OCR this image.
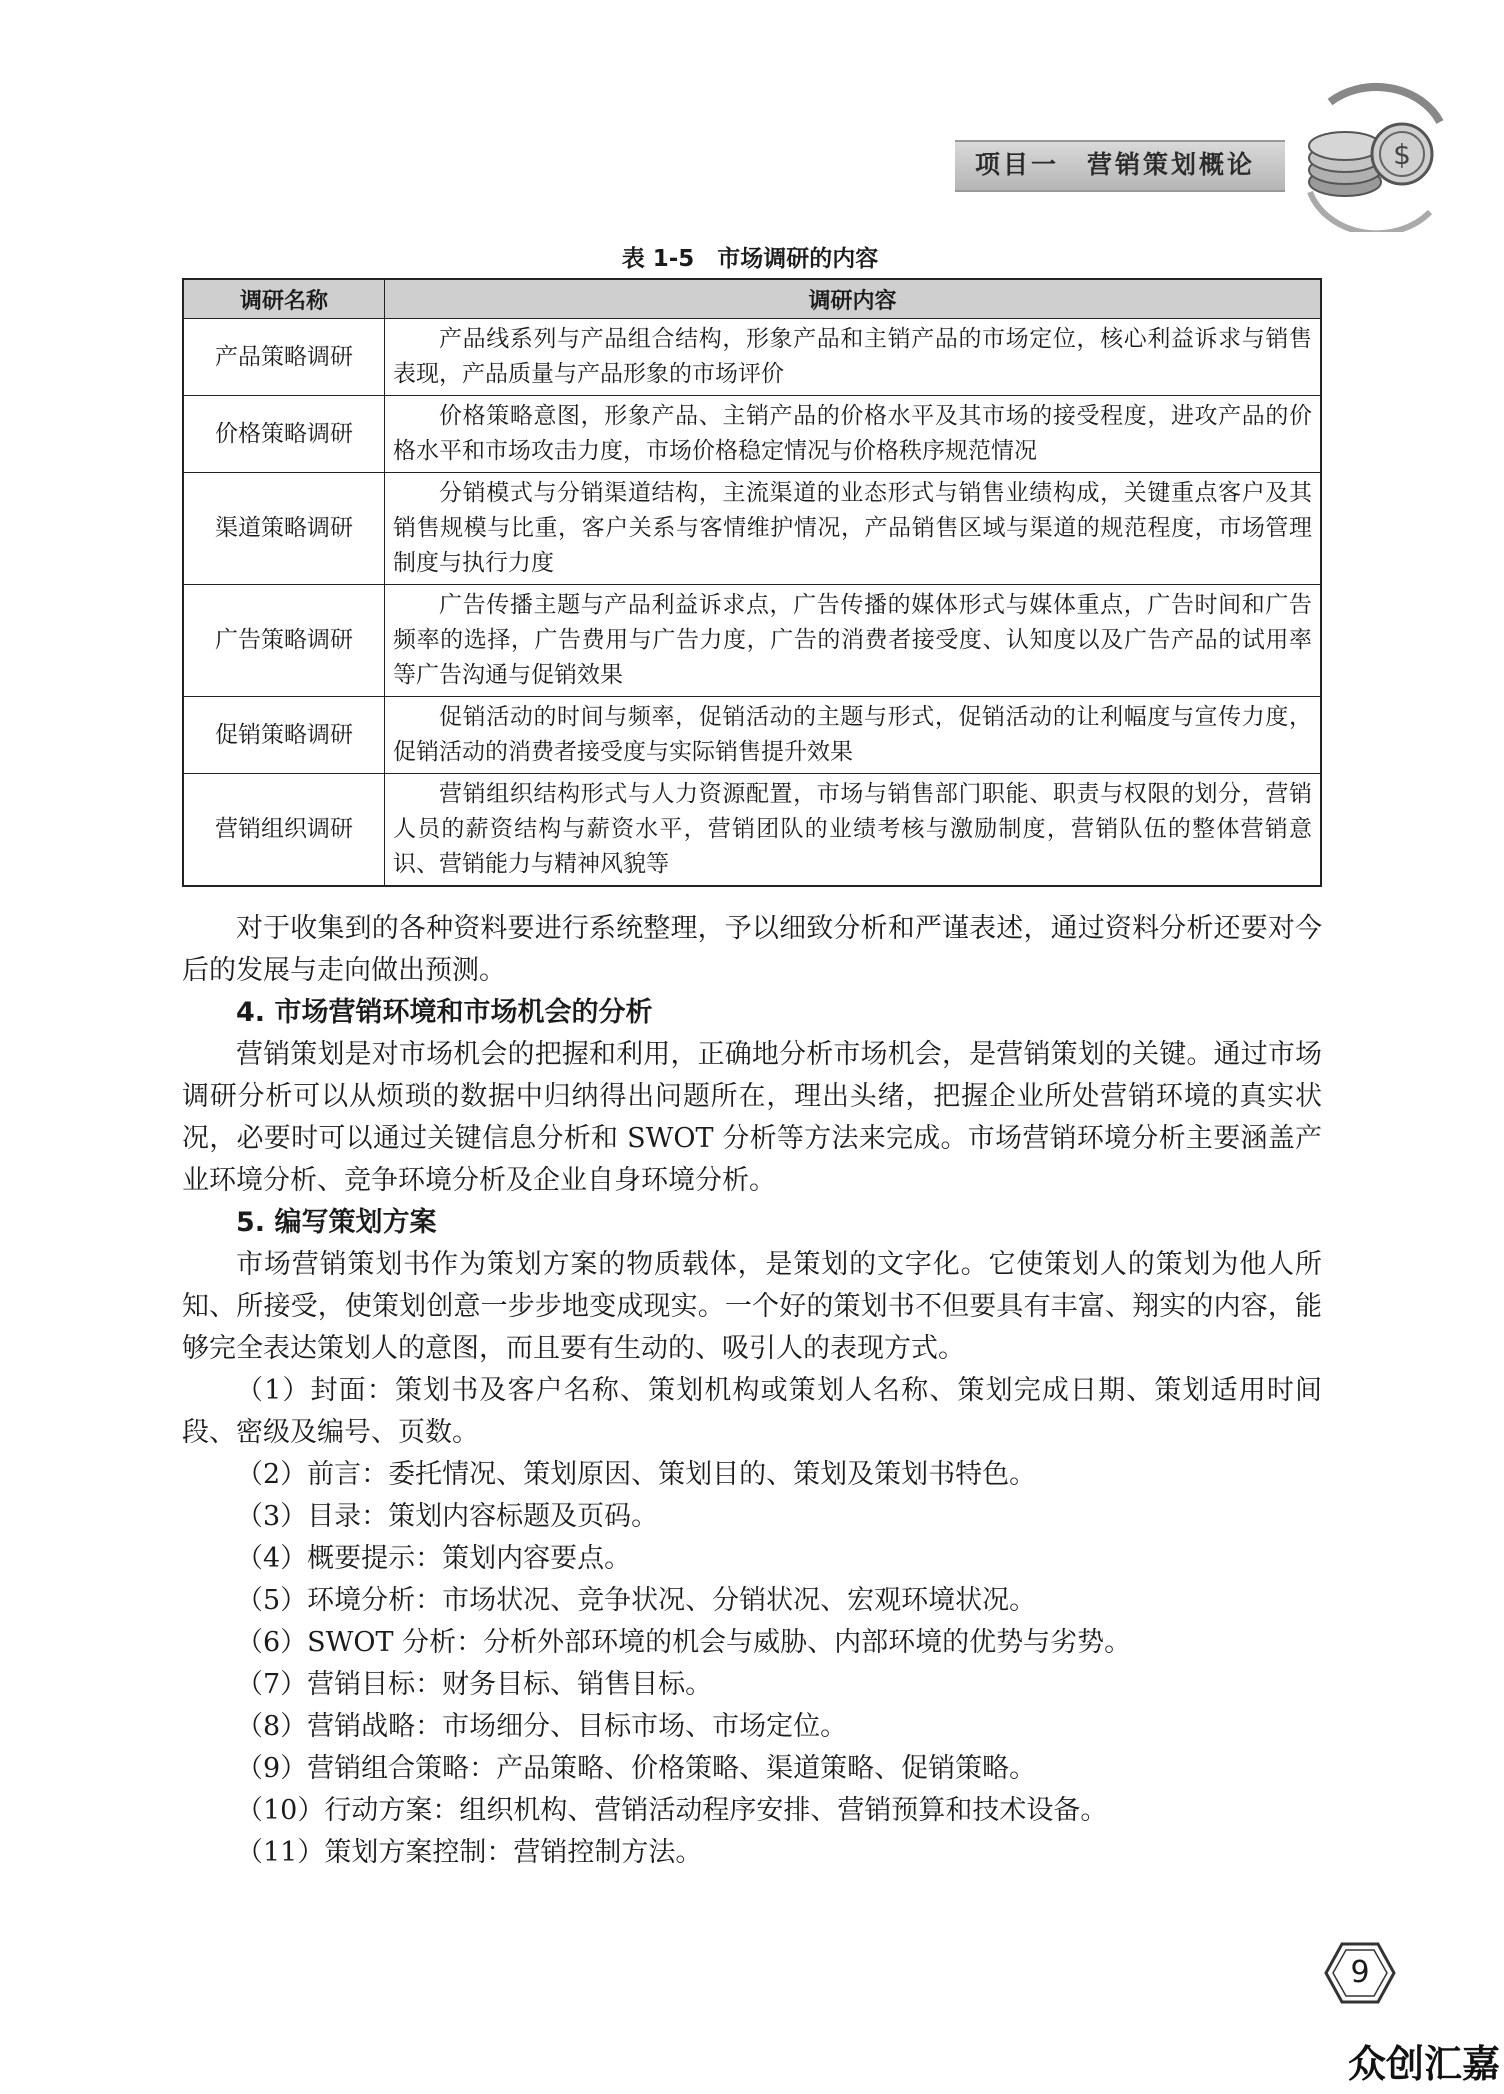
项目一　营销策划概论	$
表 1-5　市场调研的内容
调研名称	调研内容
产品策略调研	产品线系列与产品组合结构，形象产品和主销产品的市场定位，核心利益诉求与销售表现，产品质量与产品形象的市场评价
价格策略调研	价格策略意图，形象产品、主销产品的价格水平及其市场的接受程度，进攻产品的价格水平和市场攻击力度，市场价格稳定情况与价格秩序规范情况
渠道策略调研	分销模式与分销渠道结构，主流渠道的业态形式与销售业绩构成，关键重点客户及其销售规模与比重，客户关系与客情维护情况，产品销售区域与渠道的规范程度，市场管理制度与执行力度
广告策略调研	广告传播主题与产品利益诉求点，广告传播的媒体形式与媒体重点，广告时间和广告频率的选择，广告费用与广告力度，广告的消费者接受度、认知度以及广告产品的试用率等广告沟通与促销效果
促销策略调研	促销活动的时间与频率，促销活动的主题与形式，促销活动的让利幅度与宣传力度，促销活动的消费者接受度与实际销售提升效果
营销组织调研	营销组织结构形式与人力资源配置，市场与销售部门职能、职责与权限的划分，营销人员的薪资结构与薪资水平，营销团队的业绩考核与激励制度，营销队伍的整体营销意识、营销能力与精神风貌等

对于收集到的各种资料要进行系统整理，予以细致分析和严谨表述，通过资料分析还要对今后的发展与走向做出预测。

4. 市场营销环境和市场机会的分析

营销策划是对市场机会的把握和利用，正确地分析市场机会，是营销策划的关键。通过市场调研分析可以从烦琐的数据中归纳得出问题所在，理出头绪，把握企业所处营销环境的真实状况，必要时可以通过关键信息分析和 SWOT 分析等方法来完成。市场营销环境分析主要涵盖产业环境分析、竞争环境分析及企业自身环境分析。

5. 编写策划方案

市场营销策划书作为策划方案的物质载体，是策划的文字化。它使策划人的策划为他人所知、所接受，使策划创意一步步地变成现实。一个好的策划书不但要具有丰富、翔实的内容，能够完全表达策划人的意图，而且要有生动的、吸引人的表现方式。

（1）封面：策划书及客户名称、策划机构或策划人名称、策划完成日期、策划适用时间段、密级及编号、页数。

（2）前言：委托情况、策划原因、策划目的、策划及策划书特色。

（3）目录：策划内容标题及页码。

（4）概要提示：策划内容要点。

（5）环境分析：市场状况、竞争状况、分销状况、宏观环境状况。

（6）SWOT 分析：分析外部环境的机会与威胁、内部环境的优势与劣势。

（7）营销目标：财务目标、销售目标。

（8）营销战略：市场细分、目标市场、市场定位。

（9）营销组合策略：产品策略、价格策略、渠道策略、促销策略。

（10）行动方案：组织机构、营销活动程序安排、营销预算和技术设备。

（11）策划方案控制：营销控制方法。

9
众创汇嘉
